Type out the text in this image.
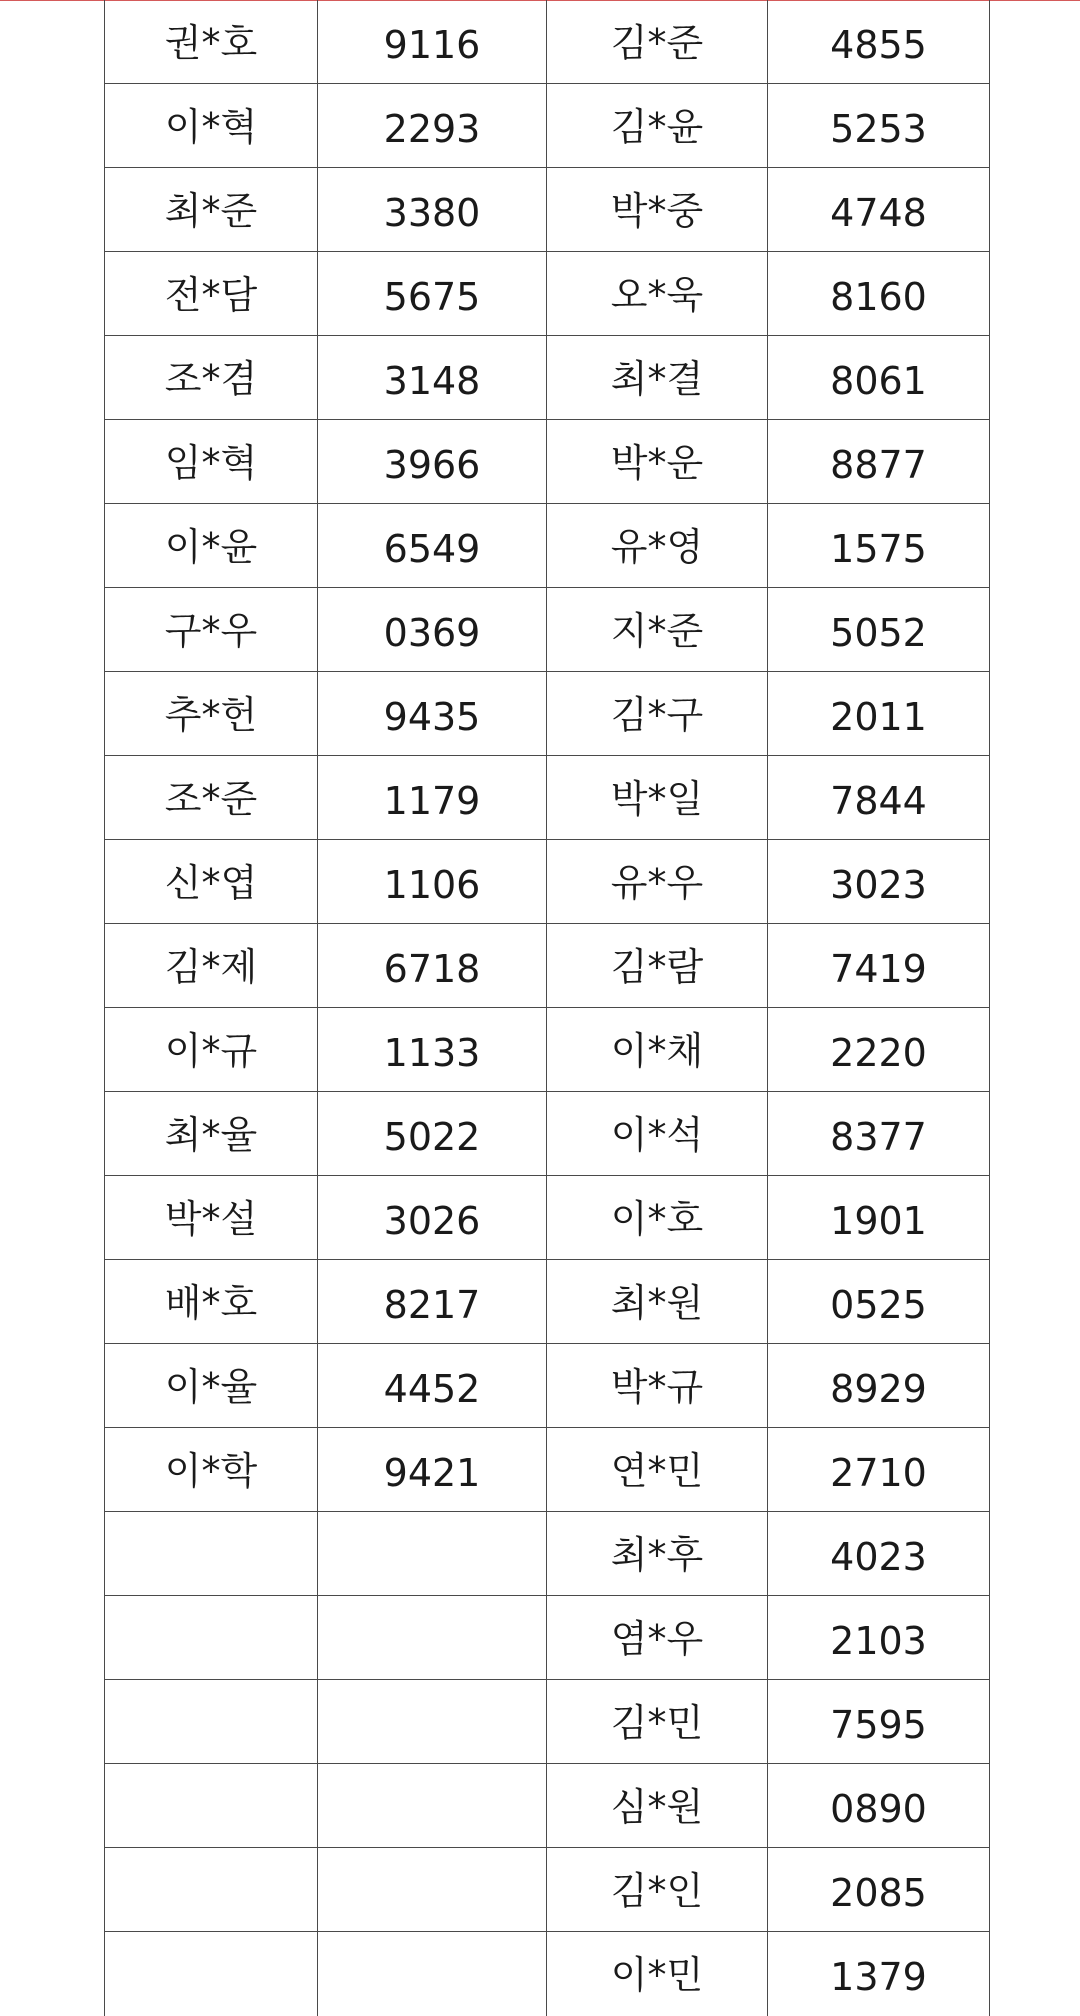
권*호	9116	김*준	4855
이*혁	2293	김*윤	5253
최*준	3380	박*중	4748
전*담	5675	오*욱	8160
조*겸	3148	최*결	8061
임*혁	3966	박*운	8877
이*윤	6549	유*영	1575
구*우	0369	지*준	5052
추*헌	9435	김*구	2011
조*준	1179	박*일	7844
신*엽	1106	유*우	3023
김*제	6718	김*람	7419
이*규	1133	이*채	2220
최*율	5022	이*석	8377
박*설	3026	이*호	1901
배*호	8217	최*원	0525
이*율	4452	박*규	8929
이*학	9421	연*민	2710
		최*후	4023
		염*우	2103
		김*민	7595
		심*원	0890
		김*인	2085
		이*민	1379
